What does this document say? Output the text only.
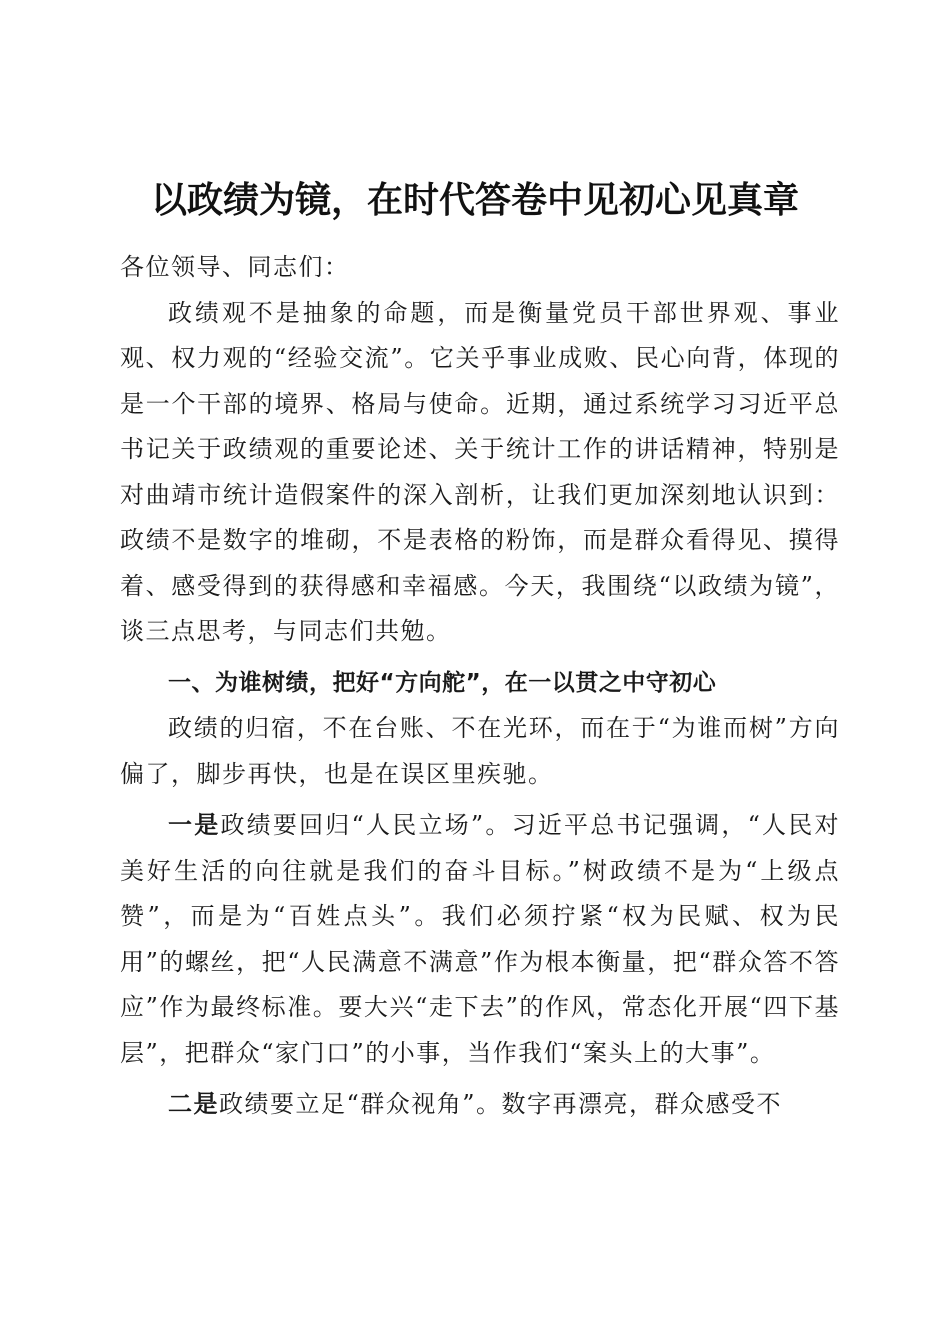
以政绩为镜，在时代答卷中见初心见真章

各位领导、同志们：

政绩观不是抽象的命题，而是衡量党员干部世界观、事业观、权力观的“经验交流”。它关乎事业成败、民心向背，体现的是一个干部的境界、格局与使命。近期，通过系统学习习近平总书记关于政绩观的重要论述、关于统计工作的讲话精神，特别是对曲靖市统计造假案件的深入剖析，让我们更加深刻地认识到：政绩不是数字的堆砌，不是表格的粉饰，而是群众看得见、摸得着、感受得到的获得感和幸福感。今天，我围绕“以政绩为镜”，谈三点思考，与同志们共勉。

一、为谁树绩，把好“方向舵”，在一以贯之中守初心

政绩的归宿，不在台账、不在光环，而在于“为谁而树”方向偏了，脚步再快，也是在误区里疾驰。

一是政绩要回归“人民立场”。习近平总书记强调，“人民对美好生活的向往就是我们的奋斗目标。”树政绩不是为“上级点赞”，而是为“百姓点头”。我们必须拧紧“权为民赋、权为民用”的螺丝，把“人民满意不满意”作为根本衡量，把“群众答不答应”作为最终标准。要大兴“走下去”的作风，常态化开展“四下基层”，把群众“家门口”的小事，当作我们“案头上的大事”。

二是政绩要立足“群众视角”。数字再漂亮，群众感受不
